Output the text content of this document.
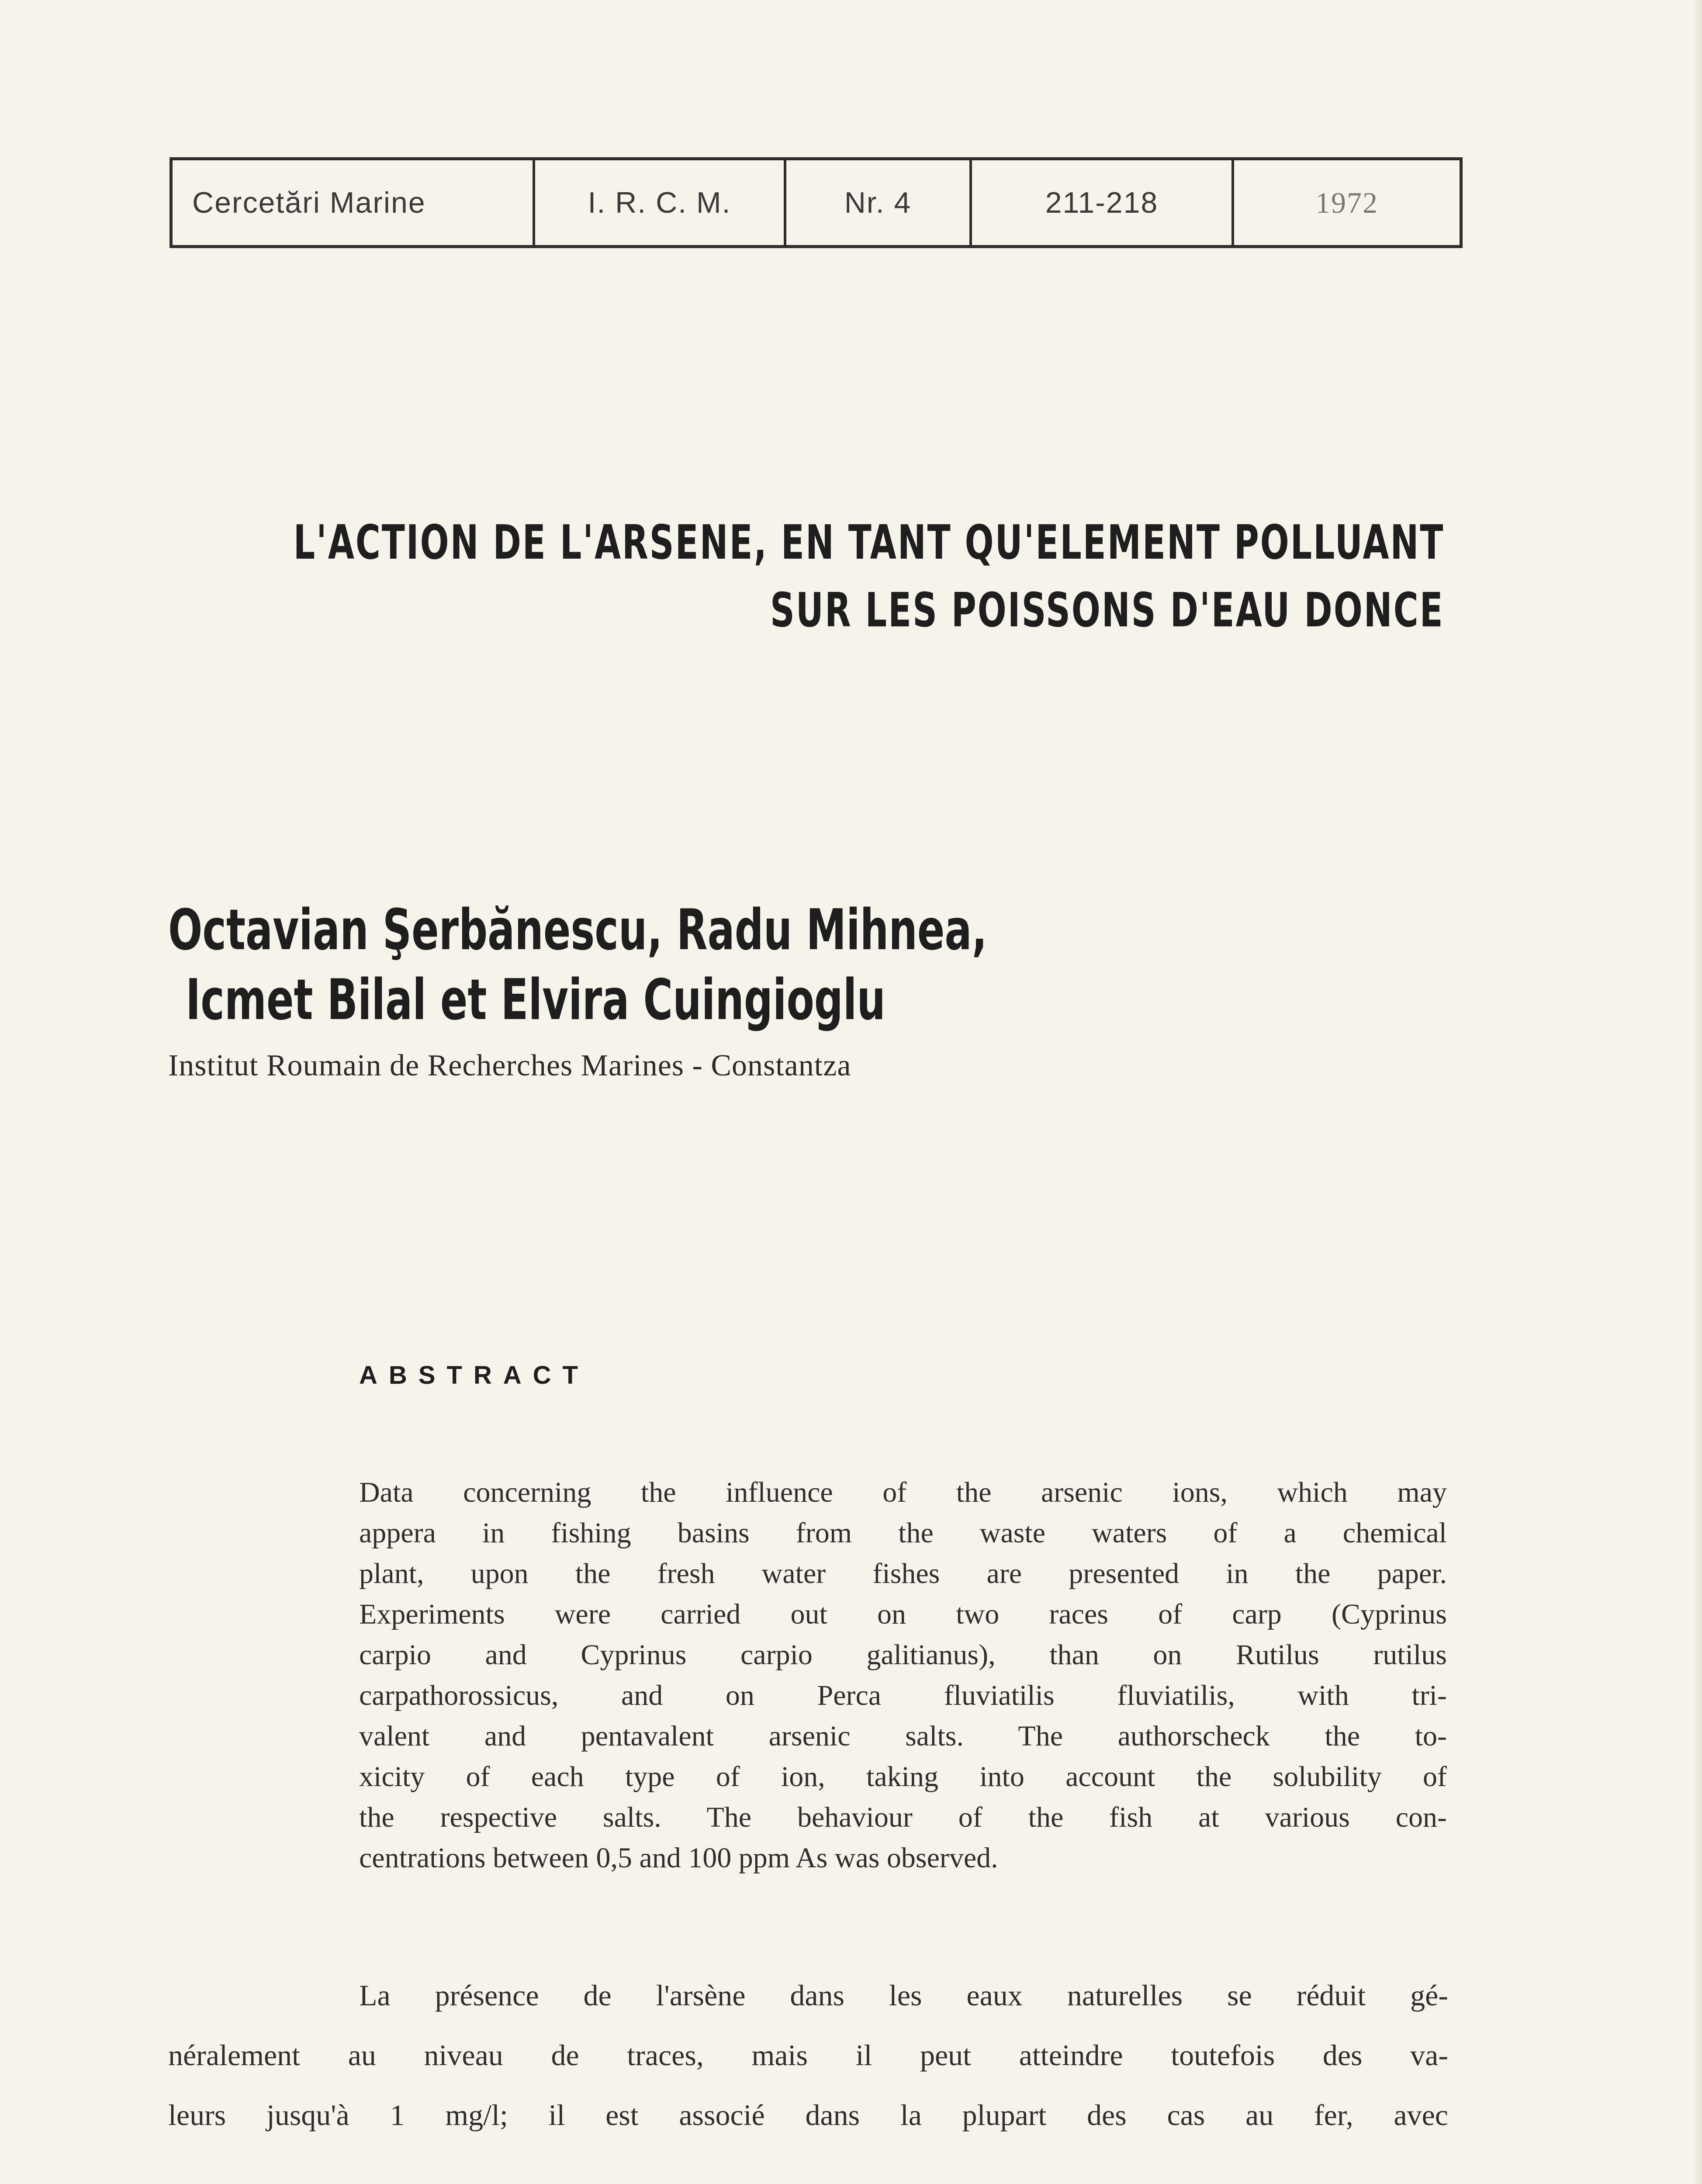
Cercetări Marine	I. R. C. M.	Nr. 4	211-218	1972
L'ACTION DE L'ARSENE, EN TANT QU'ELEMENT POLLUANT
SUR LES POISSONS D'EAU DONCE
Octavian Şerbănescu, Radu Mihnea,
Icmet Bilal et Elvira Cuingioglu
Institut Roumain de Recherches Marines - Constantza
ABSTRACT
Data concerning the influence of the arsenic ions, which may
appera in fishing basins from the waste waters of a chemical
plant, upon the fresh water fishes are presented in the paper.
Experiments were carried out on two races of carp (Cyprinus
carpio and Cyprinus carpio galitianus), than on Rutilus rutilus
carpathorossicus, and on Perca fluviatilis fluviatilis, with tri-
valent and pentavalent arsenic salts. The authorscheck the to-
xicity of each type of ion, taking into account the solubility of
the respective salts. The behaviour of the fish at various con-
centrations between 0,5 and 100 ppm As was observed.
La présence de l'arsène dans les eaux naturelles se réduit gé-
néralement au niveau de traces, mais il peut atteindre toutefois des va-
leurs jusqu'à 1 mg/l; il est associé dans la plupart des cas au fer, avec
